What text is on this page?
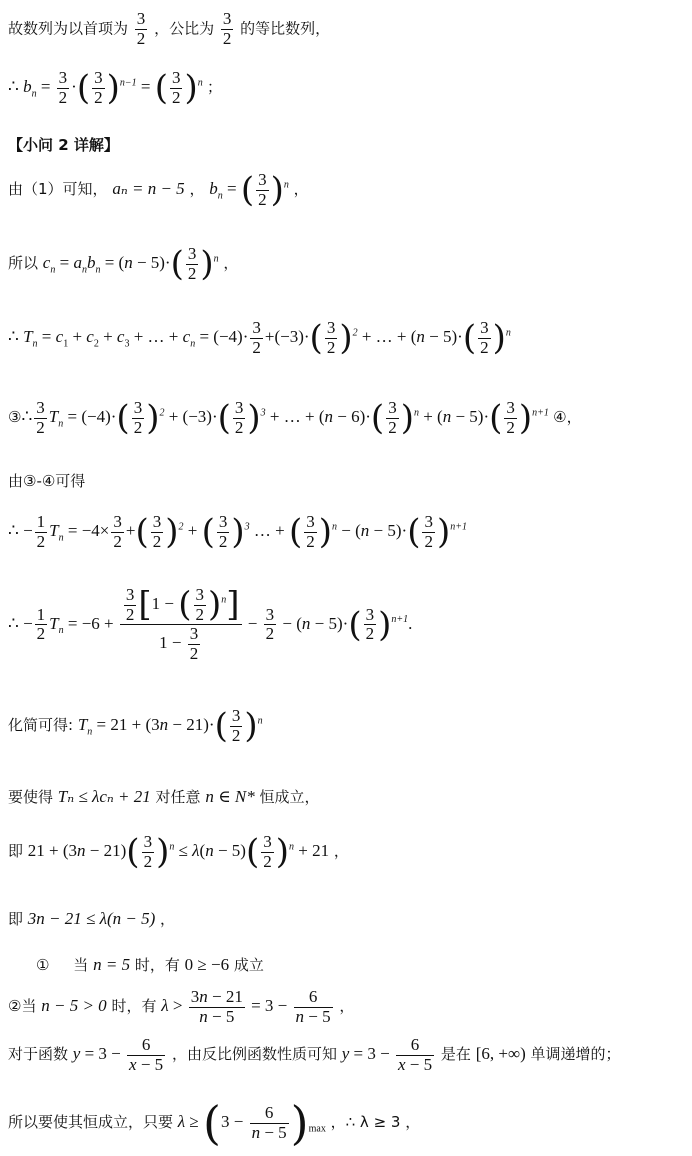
故数列为以首项为 $\frac{3}{2}$ ，公比为 $\frac{3}{2}$ 的等比数列，
∴ $b_n = \frac{3}{2}$ ·( $\frac{3}{2} )^{n-1}$ = ( $\frac{3}{2} )^n$ ；
【小问 2 详解】
由（1）可知， aₙ = n − 5 ， $b_n$ = ( $\frac{3}{2} )^n$ ，
所以 $c_n = a_nb_n = (n - 5)\cdot( \frac{3}{2} )^n$ ，
∴ $T_n = c_1 + c_2 + c_3$ + … + $c_n = (-4)\cdot \frac{3}{2} +(-3)\cdot( \frac{3}{2} )^2$ + … + $(n - 5)\cdot( \frac{3}{2} )^n$
③∴ $\frac{3}{2} T_n = (-4)\cdot( \frac{3}{2} )^2 + (-3)\cdot( \frac{3}{2} )^3$ + … + $(n - 6)\cdot( \frac{3}{2} )^n + (n - 5)\cdot( \frac{3}{2} )^{n+1}$ ④，
由③-④可得
∴ − $\frac{1}{2} T_n = -4\times \frac{3}{2}$ +( $\frac{3}{2} )^2$ + ( $\frac{3}{2} )^3$ … + ( $\frac{3}{2} )^n - (n - 5)\cdot( \frac{3}{2} )^{n+1}$
∴ − $\frac{1}{2} T_n = -6 + \frac{\frac{3}{2} [1 - ( \frac{3}{2} )^n]}{1 - \frac{3}{2}} - \frac{3}{2} - (n - 5)\cdot( \frac{3}{2} )^{n+1}$.
化简可得: $T_n = 21 + (3n - 21)\cdot( \frac{3}{2} )^n$
要使得 Tₙ ≤ λcₙ + 21 对任意 n ∈ N* 恒成立，
即 $21 + (3n - 21)( \frac{3}{2} )^n \le \lambda(n - 5)( \frac{3}{2} )^n + 21$ ，
即 3n − 21 ≤ λ(n − 5) ，
① 当 n = 5 时，有 0 ≥ −6 成立
②当 n − 5 > 0 时，有 $\lambda > \frac{3n - 21}{n - 5} = 3 - \frac{6}{n - 5}$ ，
对于函数 $y = 3 - \frac{6}{x - 5}$ ，由反比例函数性质可知 $y = 3 - \frac{6}{x - 5}$ 是在 [6, +∞) 单调递增的；
所以要使其恒成立，只要 $\lambda \ge (3 - \frac{6}{n - 5} )_{max}$ ，∴ λ ≥ 3 ，
